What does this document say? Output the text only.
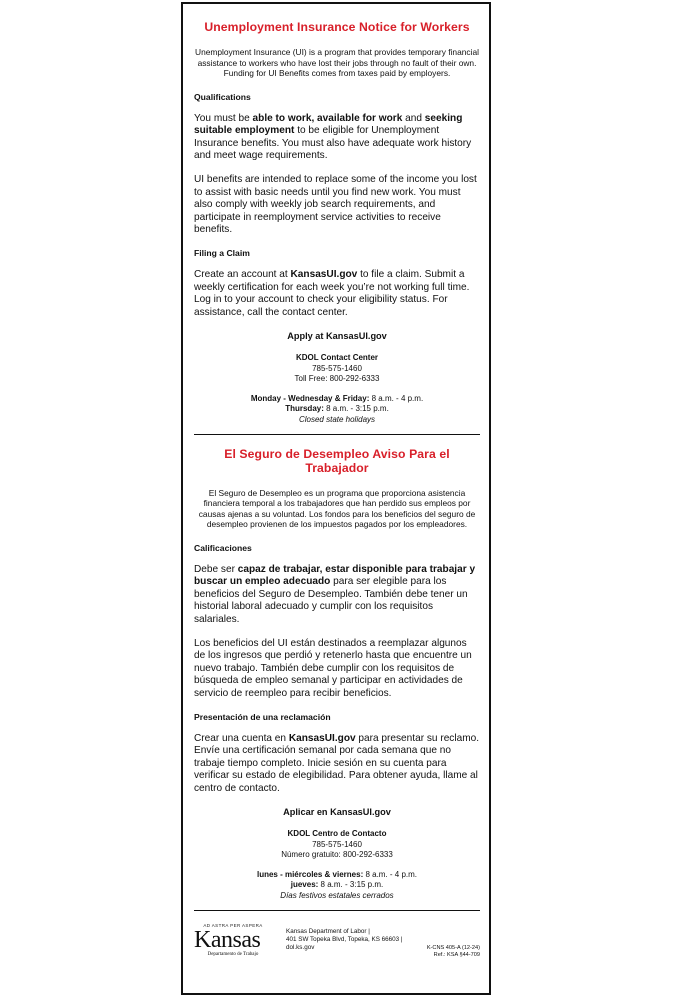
Unemployment Insurance Notice for Workers
Unemployment Insurance (UI) is a program that provides temporary financial assistance to workers who have lost their jobs through no fault of their own. Funding for UI Benefits comes from taxes paid by employers.
Qualifications
You must be able to work, available for work and seeking suitable employment to be eligible for Unemployment Insurance benefits. You must also have adequate work history and meet wage requirements.
UI benefits are intended to replace some of the income you lost to assist with basic needs until you find new work. You must also comply with weekly job search requirements, and participate in reemployment service activities to receive benefits.
Filing a Claim
Create an account at KansasUI.gov to file a claim. Submit a weekly certification for each week you’re not working full time. Log in to your account to check your eligibility status. For assistance, call the contact center.
Apply at KansasUI.gov
KDOL Contact Center
785-575-1460
Toll Free: 800-292-6333
Monday - Wednesday & Friday: 8 a.m. - 4 p.m.
Thursday: 8 a.m. - 3:15 p.m.
Closed state holidays
El Seguro de Desempleo Aviso Para el Trabajador
El Seguro de Desempleo es un programa que proporciona asistencia financiera temporal a los trabajadores que han perdido sus empleos por causas ajenas a su voluntad. Los fondos para los beneficios del seguro de desempleo provienen de los impuestos pagados por los empleadores.
Calificaciones
Debe ser capaz de trabajar, estar disponible para trabajar y buscar un empleo adecuado para ser elegible para los beneficios del Seguro de Desempleo. También debe tener un historial laboral adecuado y cumplir con los requisitos salariales.
Los beneficios del UI están destinados a reemplazar algunos de los ingresos que perdió y retenerlo hasta que encuentre un nuevo trabajo. También debe cumplir con los requisitos de búsqueda de empleo semanal y participar en actividades de servicio de reempleo para recibir beneficios.
Presentación de una reclamación
Crear una cuenta en KansasUI.gov para presentar su reclamo. Envíe una certificación semanal por cada semana que no trabaje tiempo completo. Inicie sesión en su cuenta para verificar su estado de elegibilidad. Para obtener ayuda, llame al centro de contacto.
Aplicar en KansasUI.gov
KDOL Centro de Contacto
785-575-1460
Número gratuito: 800-292-6333
lunes - miércoles & viernes: 8 a.m. - 4 p.m.
jueves: 8 a.m. - 3:15 p.m.
Días festivos estatales cerrados
AD ASTRA PER ASPERA
Kansas
Departamento de Trabajo
Kansas Department of Labor |
401 SW Topeka Blvd, Topeka, KS 66603 |
dol.ks.gov	K-CNS 405-A (12-24)
Ref.: KSA §44-709
